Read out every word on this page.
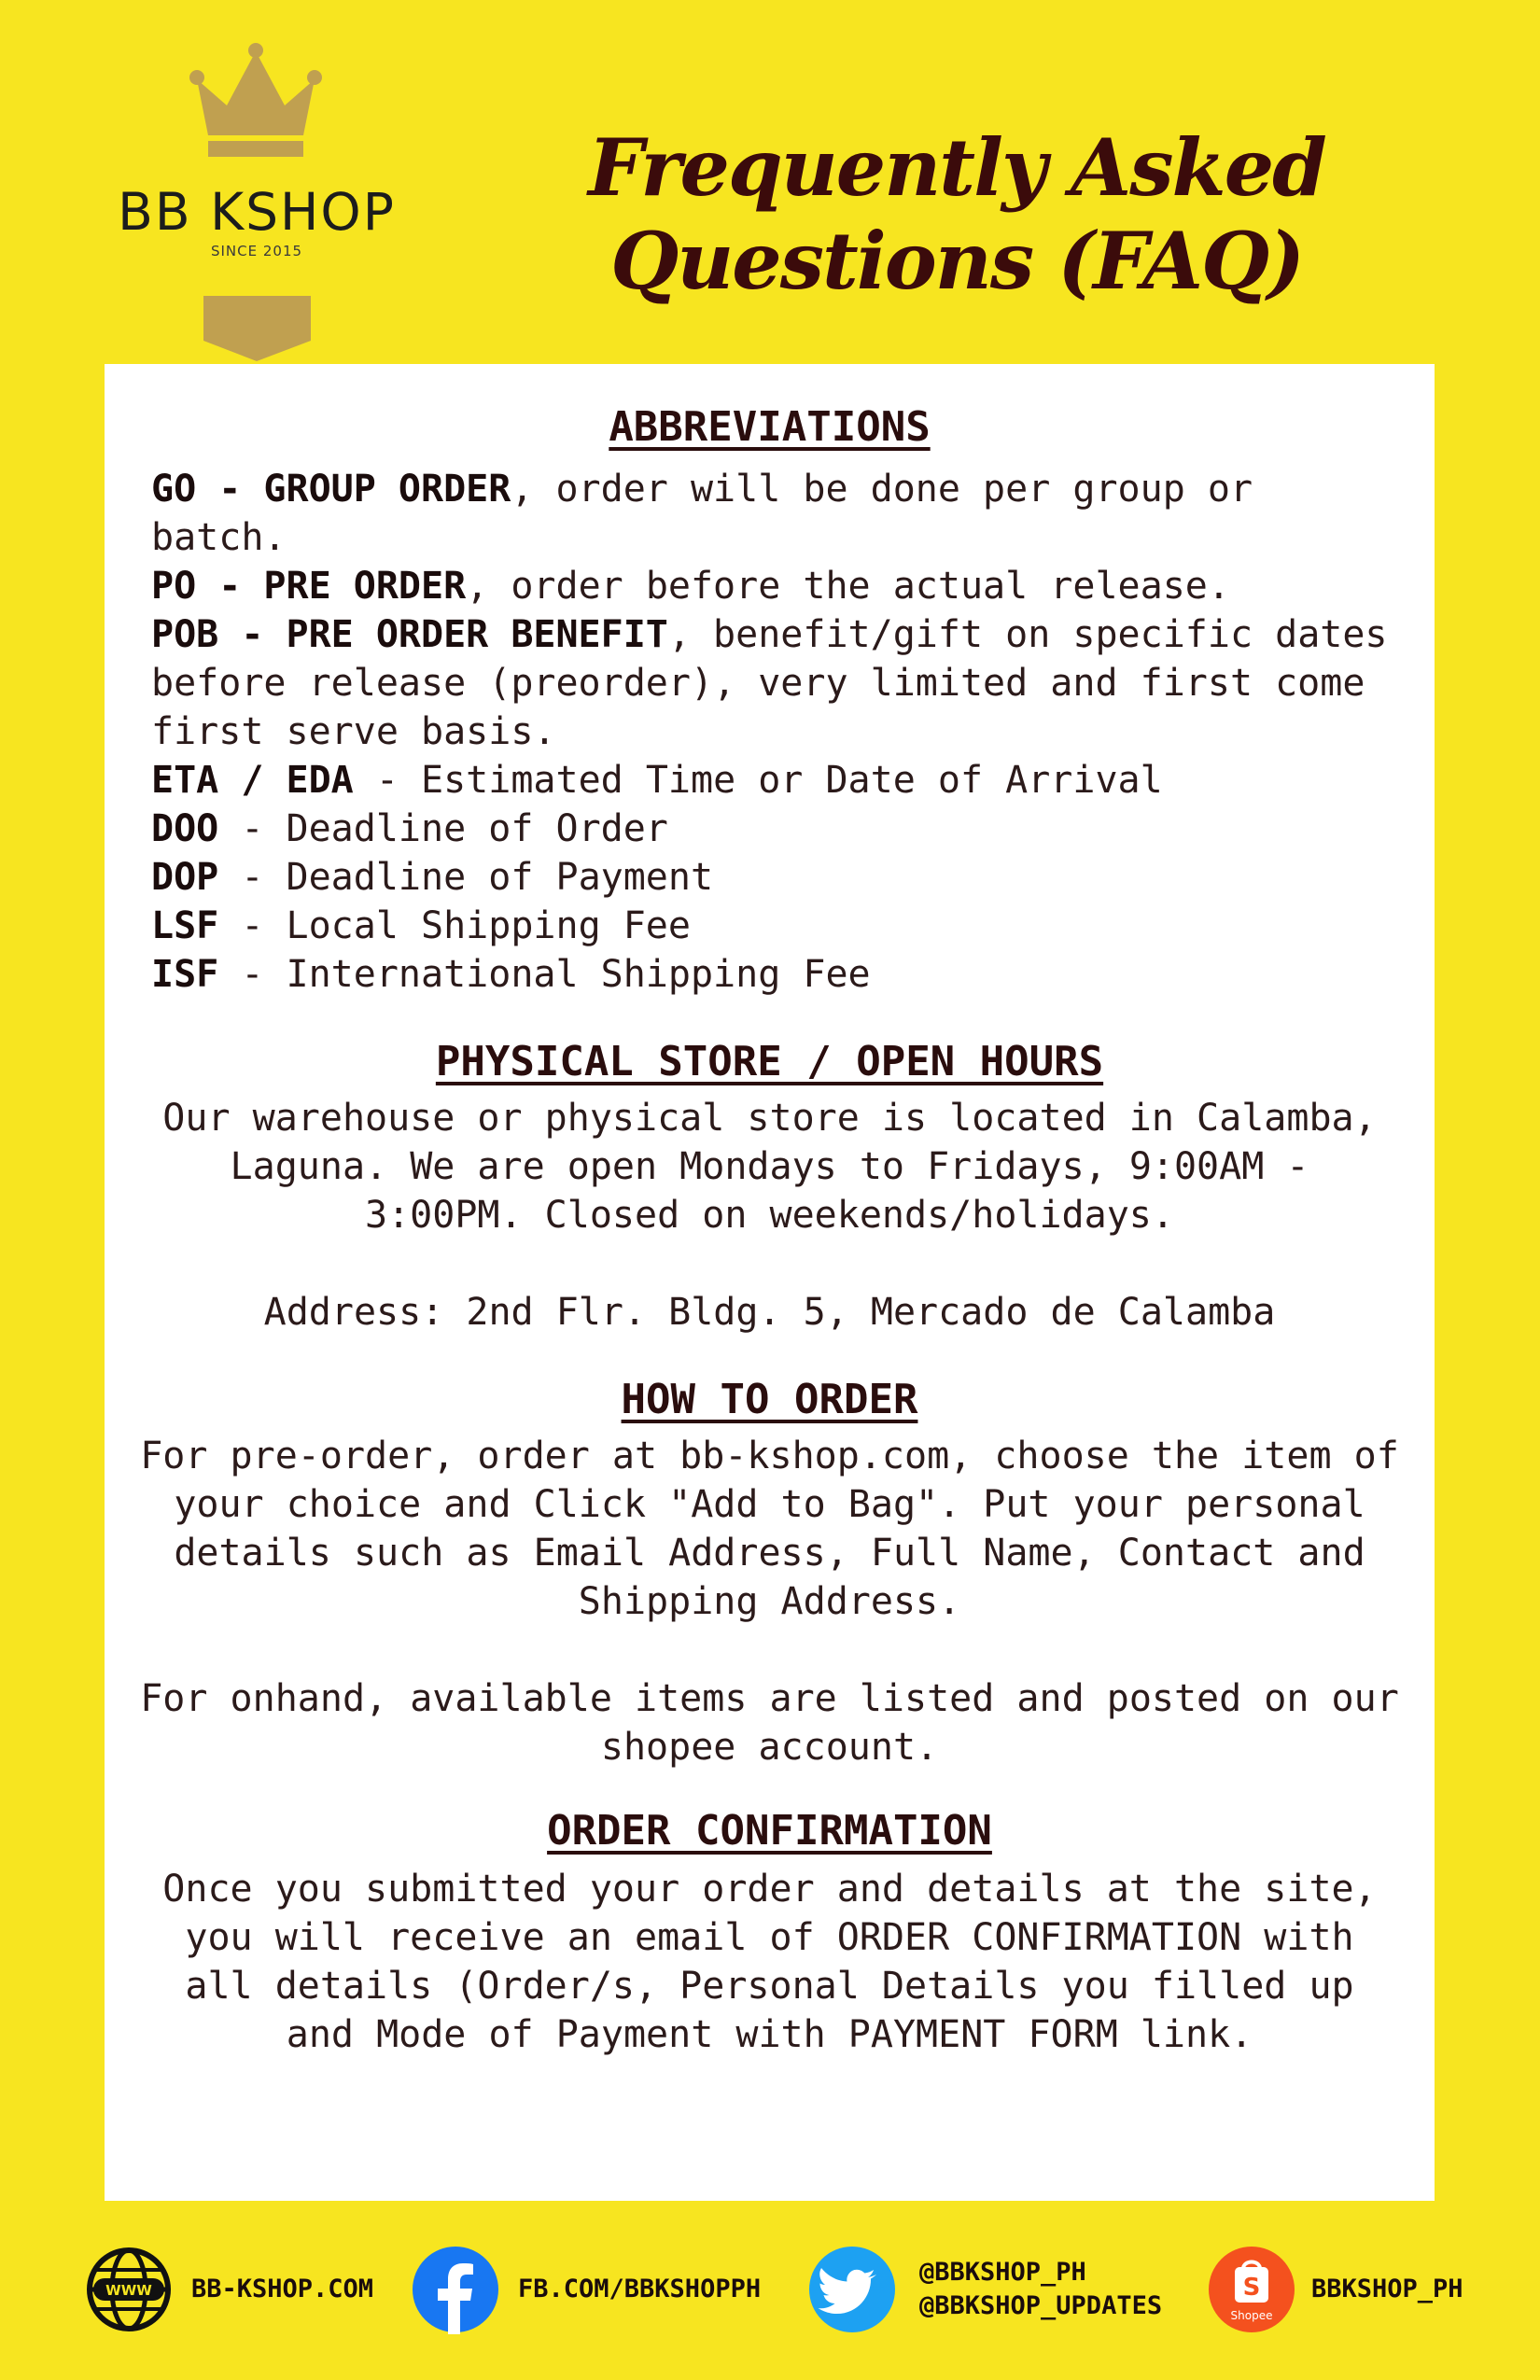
BB KSHOP
SINCE 2015
Frequently Asked Questions (FAQ)
ABBREVIATIONS
GO - GROUP ORDER, order will be done per group or batch.
PO - PRE ORDER, order before the actual release.
POB - PRE ORDER BENEFIT, benefit/gift on specific dates before release (preorder), very limited and first come first serve basis.
ETA / EDA - Estimated Time or Date of Arrival
DOO - Deadline of Order
DOP - Deadline of Payment
LSF - Local Shipping Fee
ISF - International Shipping Fee
PHYSICAL STORE / OPEN HOURS
Our warehouse or physical store is located in Calamba, Laguna. We are open Mondays to Fridays, 9:00AM - 3:00PM. Closed on weekends/holidays.
Address: 2nd Flr. Bldg. 5, Mercado de Calamba
HOW TO ORDER
For pre-order, order at bb-kshop.com, choose the item of your choice and Click "Add to Bag". Put your personal details such as Email Address, Full Name, Contact and Shipping Address.
For onhand, available items are listed and posted on our shopee account.
ORDER CONFIRMATION
Once you submitted your order and details at the site, you will receive an email of ORDER CONFIRMATION with all details (Order/s, Personal Details you filled up and Mode of Payment with PAYMENT FORM link.
WWW BB-KSHOP.COM	FB.COM/BBKSHOPPH
@BBKSHOP_PH
@BBKSHOP_UPDATES
S
Shopee
BBKSHOP_PH
